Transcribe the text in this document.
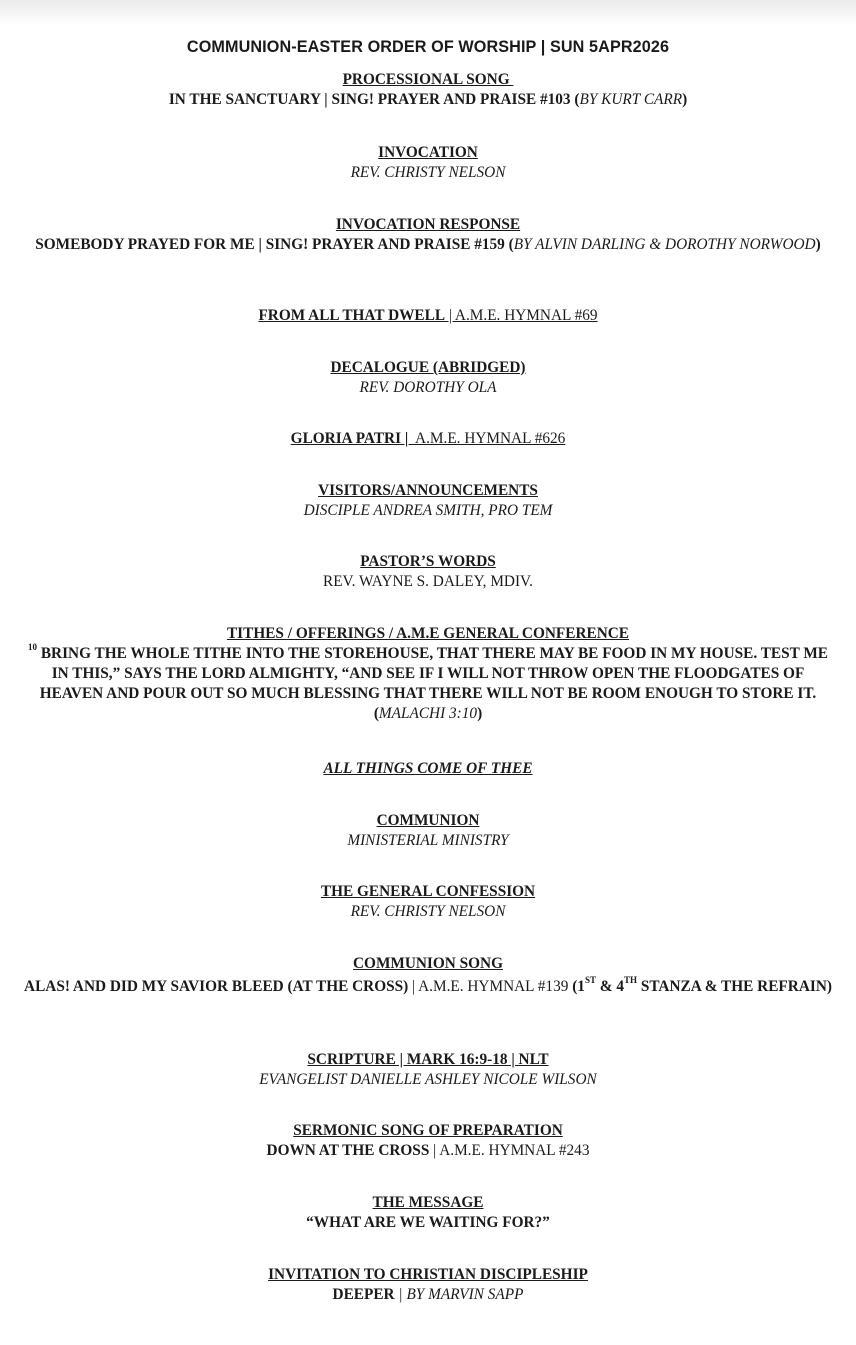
COMMUNION-EASTER ORDER OF WORSHIP | SUN 5APR2026
PROCESSIONAL SONG
IN THE SANCTUARY | SING! PRAYER AND PRAISE #103 (BY KURT CARR)
INVOCATION
REV. CHRISTY NELSON
INVOCATION RESPONSE
SOMEBODY PRAYED FOR ME | SING! PRAYER AND PRAISE #159 (BY ALVIN DARLING & DOROTHY NORWOOD)
FROM ALL THAT DWELL | A.M.E. HYMNAL #69
DECALOGUE (ABRIDGED)
REV. DOROTHY OLA
GLORIA PATRI |  A.M.E. HYMNAL #626
VISITORS/ANNOUNCEMENTS
DISCIPLE ANDREA SMITH, PRO TEM
PASTOR’S WORDS
REV. WAYNE S. DALEY, MDIV.
TITHES / OFFERINGS / A.M.E GENERAL CONFERENCE
$^{10}$ BRING THE WHOLE TITHE INTO THE STOREHOUSE, THAT THERE MAY BE FOOD IN MY HOUSE. TEST ME IN THIS,” SAYS THE LORD ALMIGHTY, “AND SEE IF I WILL NOT THROW OPEN THE FLOODGATES OF HEAVEN AND POUR OUT SO MUCH BLESSING THAT THERE WILL NOT BE ROOM ENOUGH TO STORE IT. (MALACHI 3:10)
ALL THINGS COME OF THEE
COMMUNION
MINISTERIAL MINISTRY
THE GENERAL CONFESSION
REV. CHRISTY NELSON
COMMUNION SONG
ALAS! AND DID MY SAVIOR BLEED (AT THE CROSS) | A.M.E. HYMNAL #139 (1ST & 4TH STANZA & THE REFRAIN)
SCRIPTURE | MARK 16:9-18 | NLT
EVANGELIST DANIELLE ASHLEY NICOLE WILSON
SERMONIC SONG OF PREPARATION
DOWN AT THE CROSS | A.M.E. HYMNAL #243
THE MESSAGE
“WHAT ARE WE WAITING FOR?”
INVITATION TO CHRISTIAN DISCIPLESHIP
DEEPER | BY MARVIN SAPP
